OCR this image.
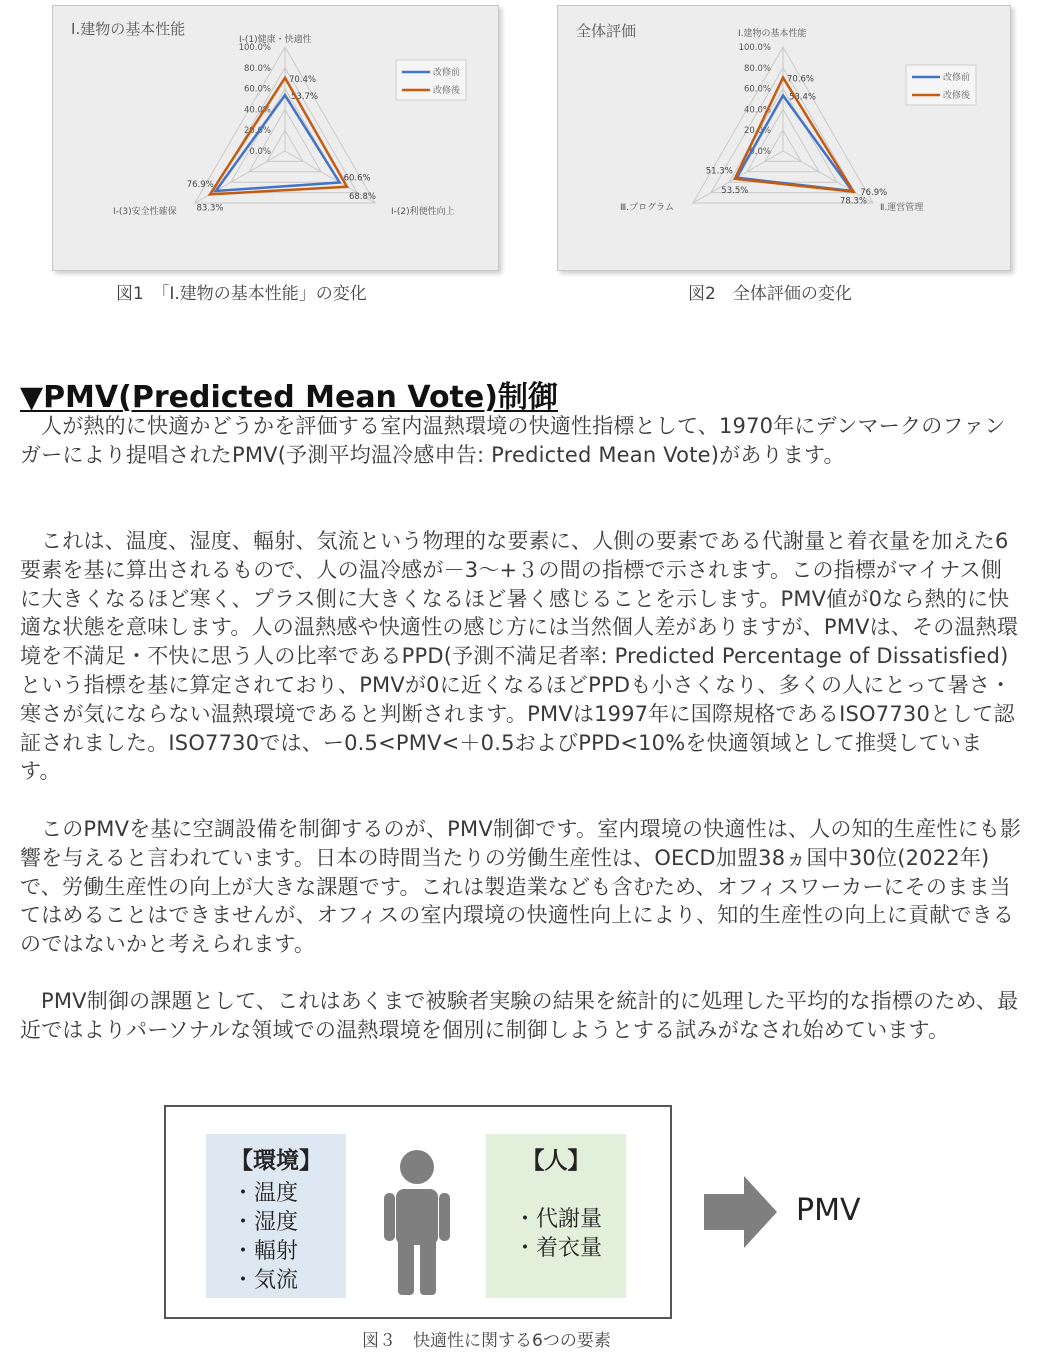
Ⅰ.建物の基本性能
100.0%
80.0%
60.0%
40.0%
20.0%
0.0%
Ⅰ-(1)健康・快適性
Ⅰ-(2)利便性向上
Ⅰ-(3)安全性確保
53.7%
60.6%
76.9%
70.4%
68.8%
83.3%
改修前
改修後
図1　「Ⅰ.建物の基本性能」の変化
全体評価
100.0%
80.0%
60.0%
40.0%
20.0%
0.0%
Ⅰ.建物の基本性能
Ⅱ.運営管理
Ⅲ.プログラム
53.4%
76.9%
51.3%
70.6%
78.3%
53.5%
改修前
改修後
図2　全体評価の変化
▼PMV(Predicted Mean Vote)制御

人が熱的に快適かどうかを評価する室内温熱環境の快適性指標として、1970年にデンマークのファンガーにより提唱されたPMV(予測平均温冷感申告: Predicted Mean Vote)があります。

これは、温度、湿度、輻射、気流という物理的な要素に、人側の要素である代謝量と着衣量を加えた6要素を基に算出されるもので、人の温冷感が－3～+３の間の指標で示されます。この指標がマイナス側に大きくなるほど寒く、プラス側に大きくなるほど暑く感じることを示します。PMV値が0なら熱的に快適な状態を意味します。人の温熱感や快適性の感じ方には当然個人差がありますが、PMVは、その温熱環境を不満足・不快に思う人の比率であるPPD(予測不満足者率: Predicted Percentage of Dissatisfied)という指標を基に算定されており、PMVが0に近くなるほどPPDも小さくなり、多くの人にとって暑さ・寒さが気にならない温熱環境であると判断されます。PMVは1997年に国際規格であるISO7730として認証されました。ISO7730では、ー0.5<PMV<＋0.5およびPPD<10%を快適領域として推奨しています。

このPMVを基に空調設備を制御するのが、PMV制御です。室内環境の快適性は、人の知的生産性にも影響を与えると言われています。日本の時間当たりの労働生産性は、OECD加盟38ヵ国中30位(2022年)で、労働生産性の向上が大きな課題です。これは製造業なども含むため、オフィスワーカーにそのまま当てはめることはできませんが、オフィスの室内環境の快適性向上により、知的生産性の向上に貢献できるのではないかと考えられます。

PMV制御の課題として、これはあくまで被験者実験の結果を統計的に処理した平均的な指標のため、最近ではよりパーソナルな領域での温熱環境を個別に制御しようとする試みがなされ始めています。

【環境】
・温度
・湿度
・輻射
・気流
【人】
・代謝量
・着衣量
PMV
図３　快適性に関する6つの要素
